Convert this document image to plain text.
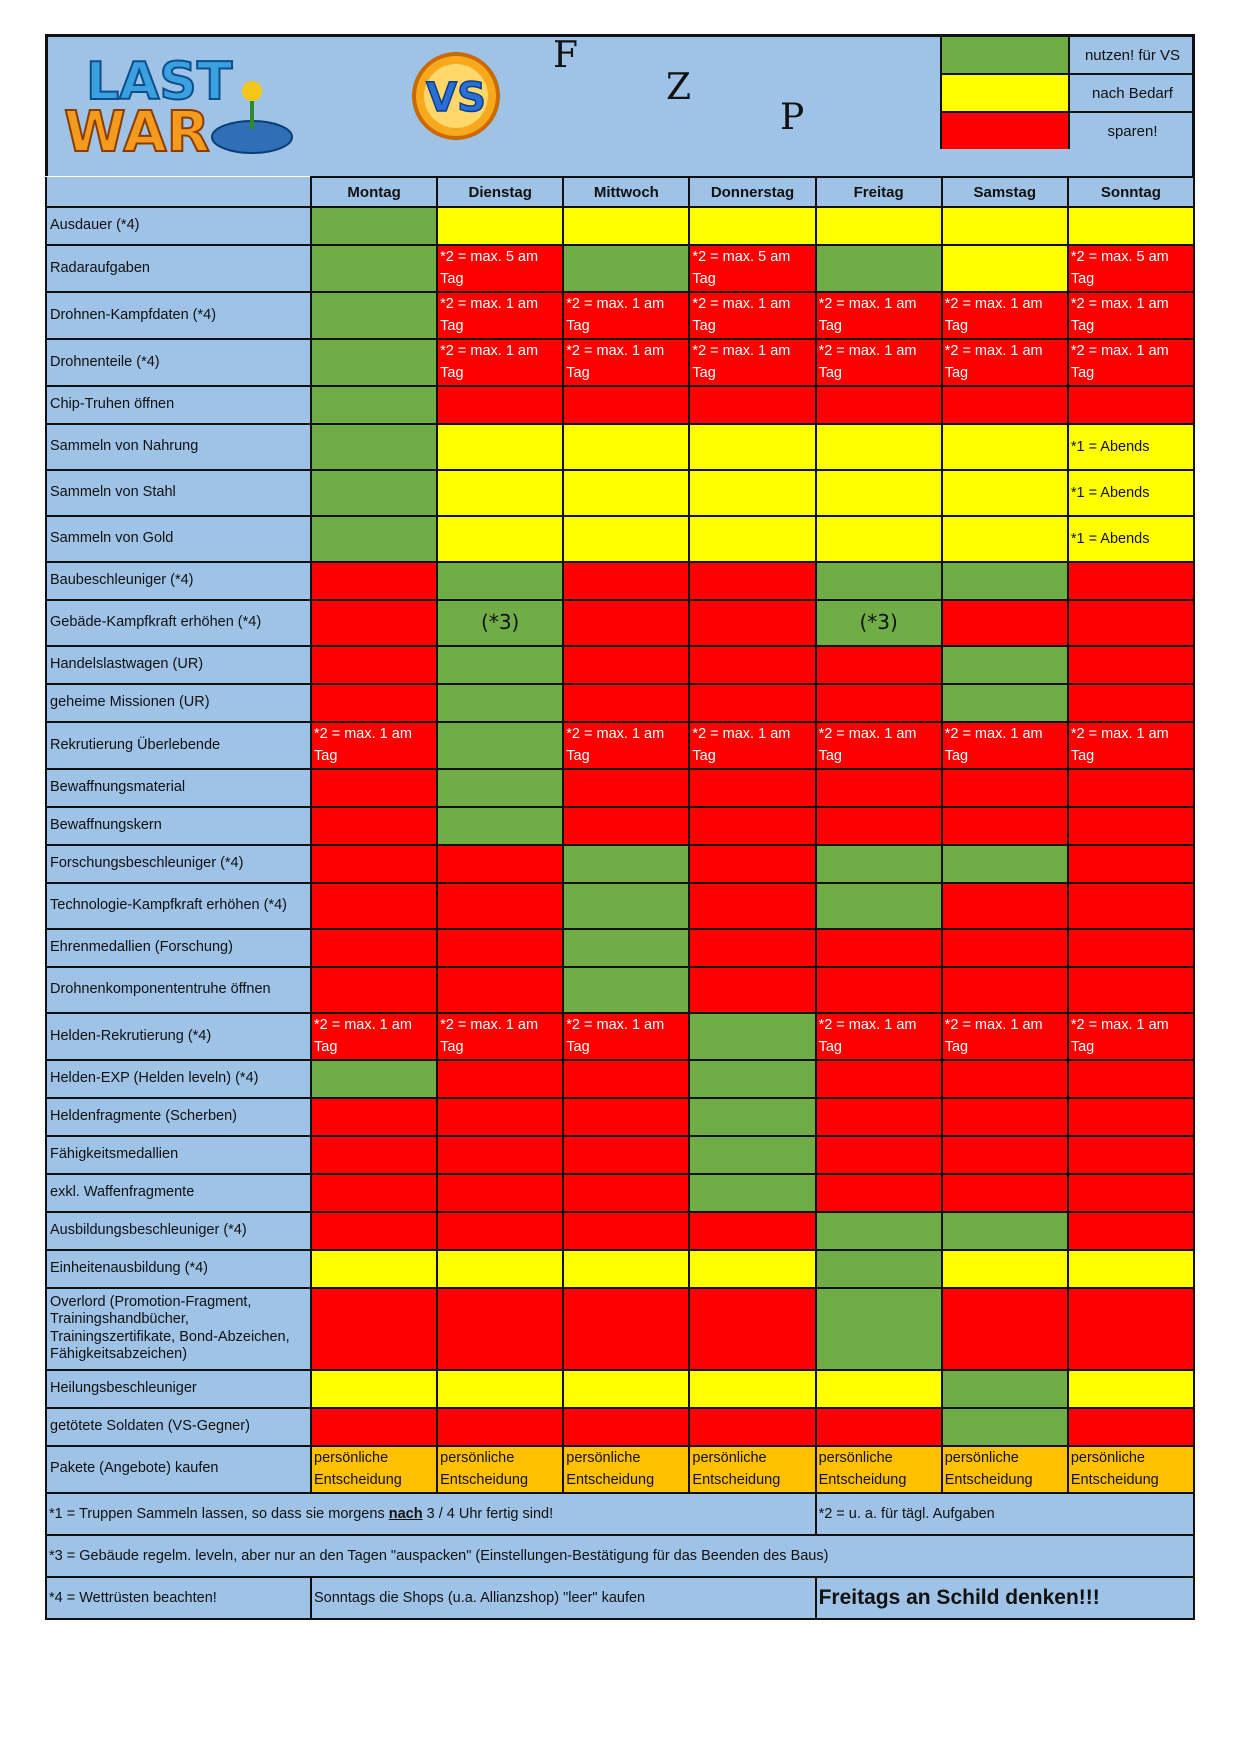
LAST
WAR
VS
F
Z
P
nutzen! für VS
nach Bedarf
sparen!
	Montag	Dienstag	Mittwoch	Donnerstag	Freitag	Samstag	Sonntag
Ausdauer (*4)							
Radaraufgaben		*2 = max. 5 am Tag		*2 = max. 5 am Tag			*2 = max. 5 am Tag
Drohnen-Kampfdaten (*4)		*2 = max. 1 am Tag	*2 = max. 1 am Tag	*2 = max. 1 am Tag	*2 = max. 1 am Tag	*2 = max. 1 am Tag	*2 = max. 1 am Tag
Drohnenteile (*4)		*2 = max. 1 am Tag	*2 = max. 1 am Tag	*2 = max. 1 am Tag	*2 = max. 1 am Tag	*2 = max. 1 am Tag	*2 = max. 1 am Tag
Chip-Truhen öffnen							
Sammeln von Nahrung							*1 = Abends
Sammeln von Stahl							*1 = Abends
Sammeln von Gold							*1 = Abends
Baubeschleuniger (*4)							
Gebäde-Kampfkraft erhöhen (*4)		(*3)			(*3)		
Handelslastwagen (UR)							
geheime Missionen (UR)							
Rekrutierung Überlebende	*2 = max. 1 am Tag		*2 = max. 1 am Tag	*2 = max. 1 am Tag	*2 = max. 1 am Tag	*2 = max. 1 am Tag	*2 = max. 1 am Tag
Bewaffnungsmaterial							
Bewaffnungskern							
Forschungsbeschleuniger (*4)							
Technologie-Kampfkraft erhöhen (*4)							
Ehrenmedallien (Forschung)							
Drohnenkomponententruhe öffnen							
Helden-Rekrutierung (*4)	*2 = max. 1 am Tag	*2 = max. 1 am Tag	*2 = max. 1 am Tag		*2 = max. 1 am Tag	*2 = max. 1 am Tag	*2 = max. 1 am Tag
Helden-EXP (Helden leveln) (*4)							
Heldenfragmente (Scherben)							
Fähigkeitsmedallien							
exkl. Waffenfragmente							
Ausbildungsbeschleuniger (*4)							
Einheitenausbildung (*4)							
Overlord (Promotion-Fragment, Trainingshandbücher, Trainingszertifikate, Bond-Abzeichen, Fähigkeitsabzeichen)							
Heilungsbeschleuniger							
getötete Soldaten (VS-Gegner)							
Pakete (Angebote) kaufen	persönliche Entscheidung	persönliche Entscheidung	persönliche Entscheidung	persönliche Entscheidung	persönliche Entscheidung	persönliche Entscheidung	persönliche Entscheidung
*1 = Truppen Sammeln lassen, so dass sie morgens nach 3 / 4 Uhr fertig sind!					*2 = u. a. für tägl. Aufgaben		
*3 = Gebäude regelm. leveln, aber nur an den Tagen "auspacken" (Einstellungen-Bestätigung für das Beenden des Baus)							
*4 = Wettrüsten beachten!	Sonntags die Shops (u.a. Allianzshop) "leer" kaufen				Freitags an Schild denken!!!		
